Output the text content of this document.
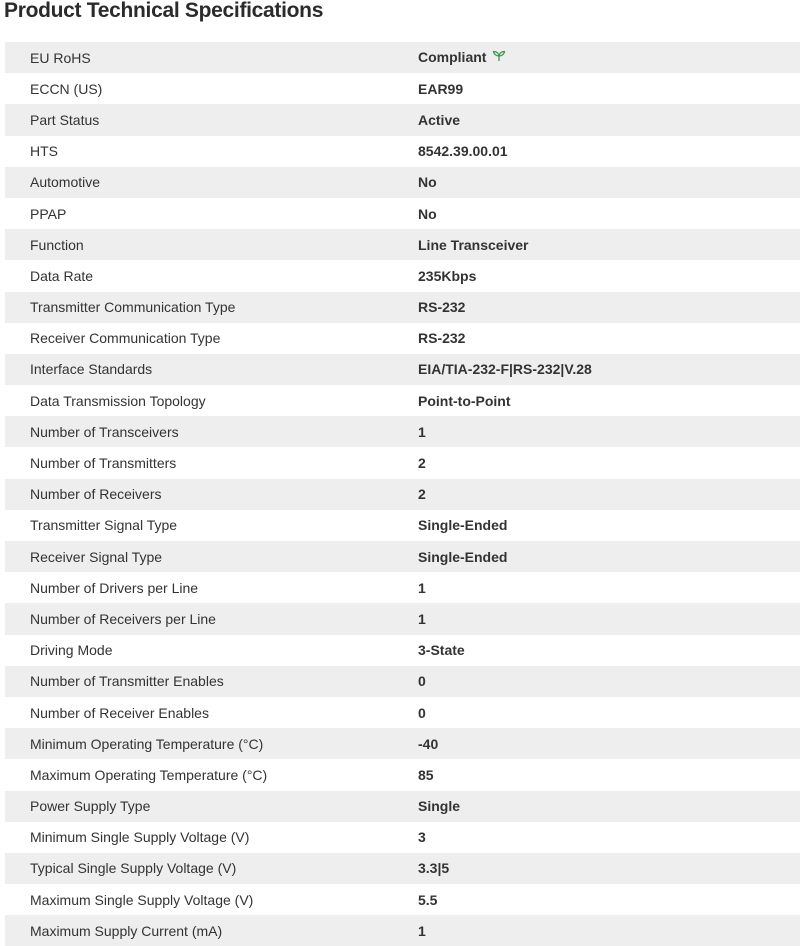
Product Technical Specifications
EU RoHS	Compliant
ECCN (US)	EAR99
Part Status	Active
HTS	8542.39.00.01
Automotive	No
PPAP	No
Function	Line Transceiver
Data Rate	235Kbps
Transmitter Communication Type	RS-232
Receiver Communication Type	RS-232
Interface Standards	EIA/TIA-232-F|RS-232|V.28
Data Transmission Topology	Point-to-Point
Number of Transceivers	1
Number of Transmitters	2
Number of Receivers	2
Transmitter Signal Type	Single-Ended
Receiver Signal Type	Single-Ended
Number of Drivers per Line	1
Number of Receivers per Line	1
Driving Mode	3-State
Number of Transmitter Enables	0
Number of Receiver Enables	0
Minimum Operating Temperature (°C)	-40
Maximum Operating Temperature (°C)	85
Power Supply Type	Single
Minimum Single Supply Voltage (V)	3
Typical Single Supply Voltage (V)	3.3|5
Maximum Single Supply Voltage (V)	5.5
Maximum Supply Current (mA)	1
